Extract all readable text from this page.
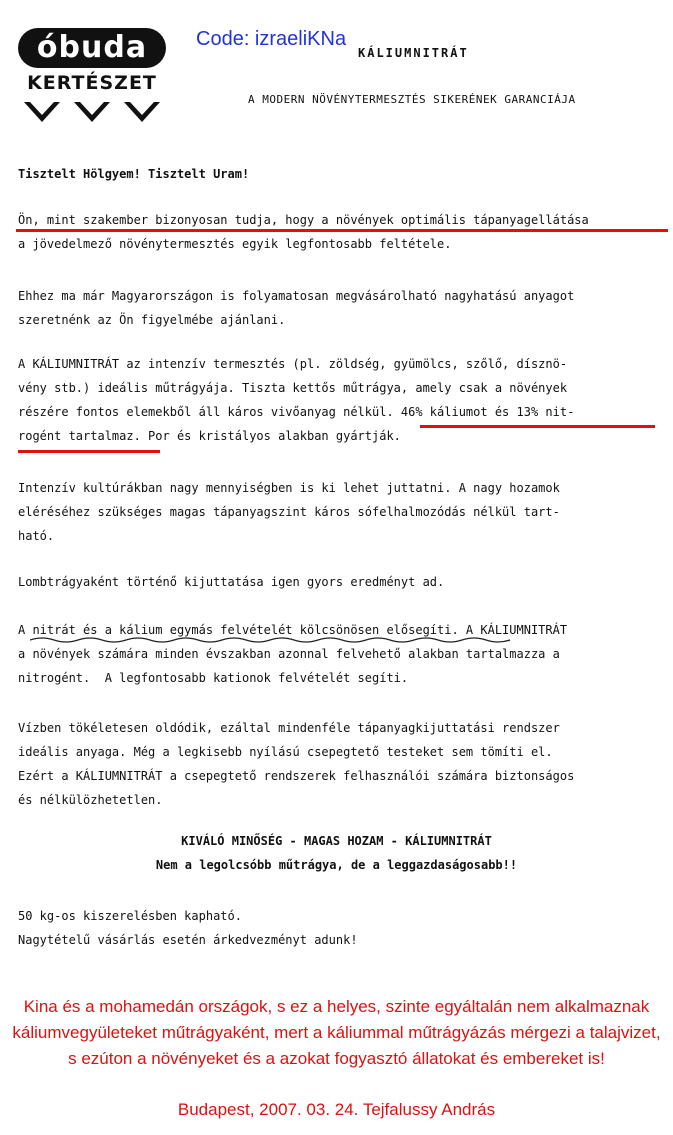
óbuda
KERTÉSZET
Code: izraeliKNa
KÁLIUMNITRÁT
A MODERN NÖVÉNYTERMESZTÉS SIKERÉNEK GARANCIÁJA
Tisztelt Hölgyem! Tisztelt Uram!
Ön, mint szakember bizonyosan tudja, hogy a növények optimális tápanyagellátása
a jövedelmező növénytermesztés egyik legfontosabb feltétele.
Ehhez ma már Magyarországon is folyamatosan megvásárolható nagyhatású anyagot
szeretnénk az Ön figyelmébe ajánlani.
A KÁLIUMNITRÁT az intenzív termesztés (pl. zöldség, gyümölcs, szőlő, dísznö-
vény stb.) ideális műtrágyája. Tiszta kettős műtrágya, amely csak a növények
részére fontos elemekből áll káros vivőanyag nélkül. 46% káliumot és 13% nit-
rogént tartalmaz. Por és kristályos alakban gyártják.
Intenzív kultúrákban nagy mennyiségben is ki lehet juttatni. A nagy hozamok
eléréséhez szükséges magas tápanyagszint káros sófelhalmozódás nélkül tart-
ható.
Lombtrágyaként történő kijuttatása igen gyors eredményt ad.
A nitrát és a kálium egymás felvételét kölcsönösen elősegíti. A KÁLIUMNITRÁT
a növények számára minden évszakban azonnal felvehető alakban tartalmazza a
nitrogént.  A legfontosabb kationok felvételét segíti.
Vízben tökéletesen oldódik, ezáltal mindenféle tápanyagkijuttatási rendszer
ideális anyaga. Még a legkisebb nyílású csepegtető testeket sem tömíti el.
Ezért a KÁLIUMNITRÁT a csepegtető rendszerek felhasználói számára biztonságos
és nélkülözhetetlen.
KIVÁLÓ MINŐSÉG - MAGAS HOZAM - KÁLIUMNITRÁT
Nem a legolcsóbb műtrágya, de a leggazdaságosabb!!
50 kg-os kiszerelésben kapható.
Nagytételű vásárlás esetén árkedvezményt adunk!
Kina és a mohamedán országok, s ez a helyes, szinte egyáltalán nem alkalmaznak káliumvegyületeket műtrágyaként, mert a káliummal műtrágyázás mérgezi a talajvizet, s ezúton a növényeket és a azokat fogyasztó állatokat és embereket is!
Budapest, 2007. 03. 24. Tejfalussy András
